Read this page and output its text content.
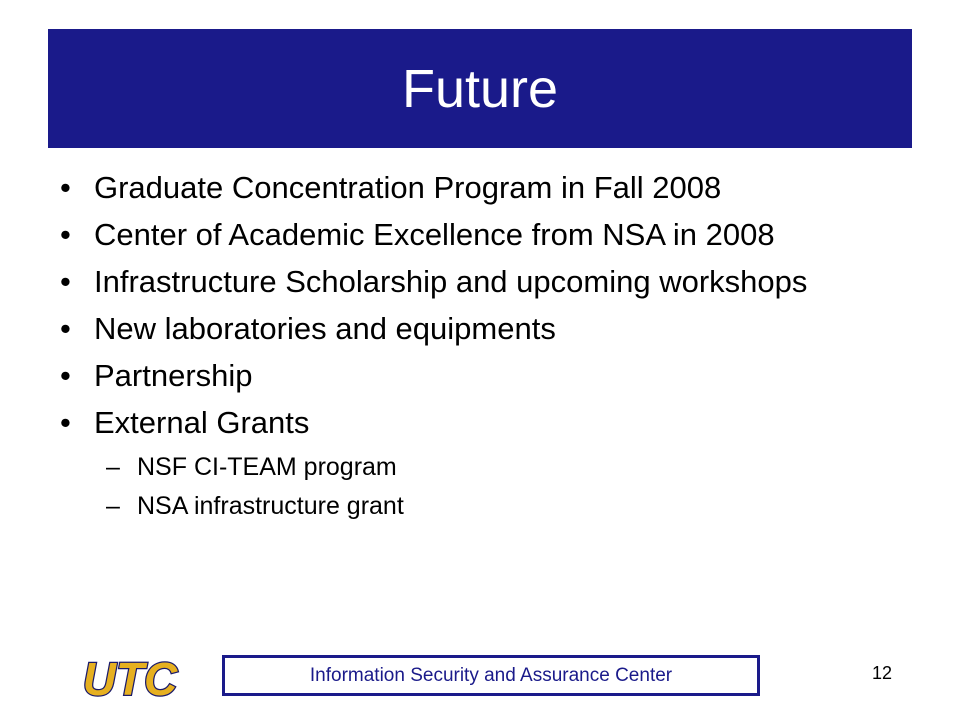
Future
• Graduate Concentration Program in Fall 2008
• Center of Academic Excellence from NSA in 2008
• Infrastructure Scholarship and upcoming workshops
• New laboratories and equipments
• Partnership
• External Grants
– NSF CI-TEAM program
– NSA infrastructure grant
UTC	Information Security and Assurance Center	12
